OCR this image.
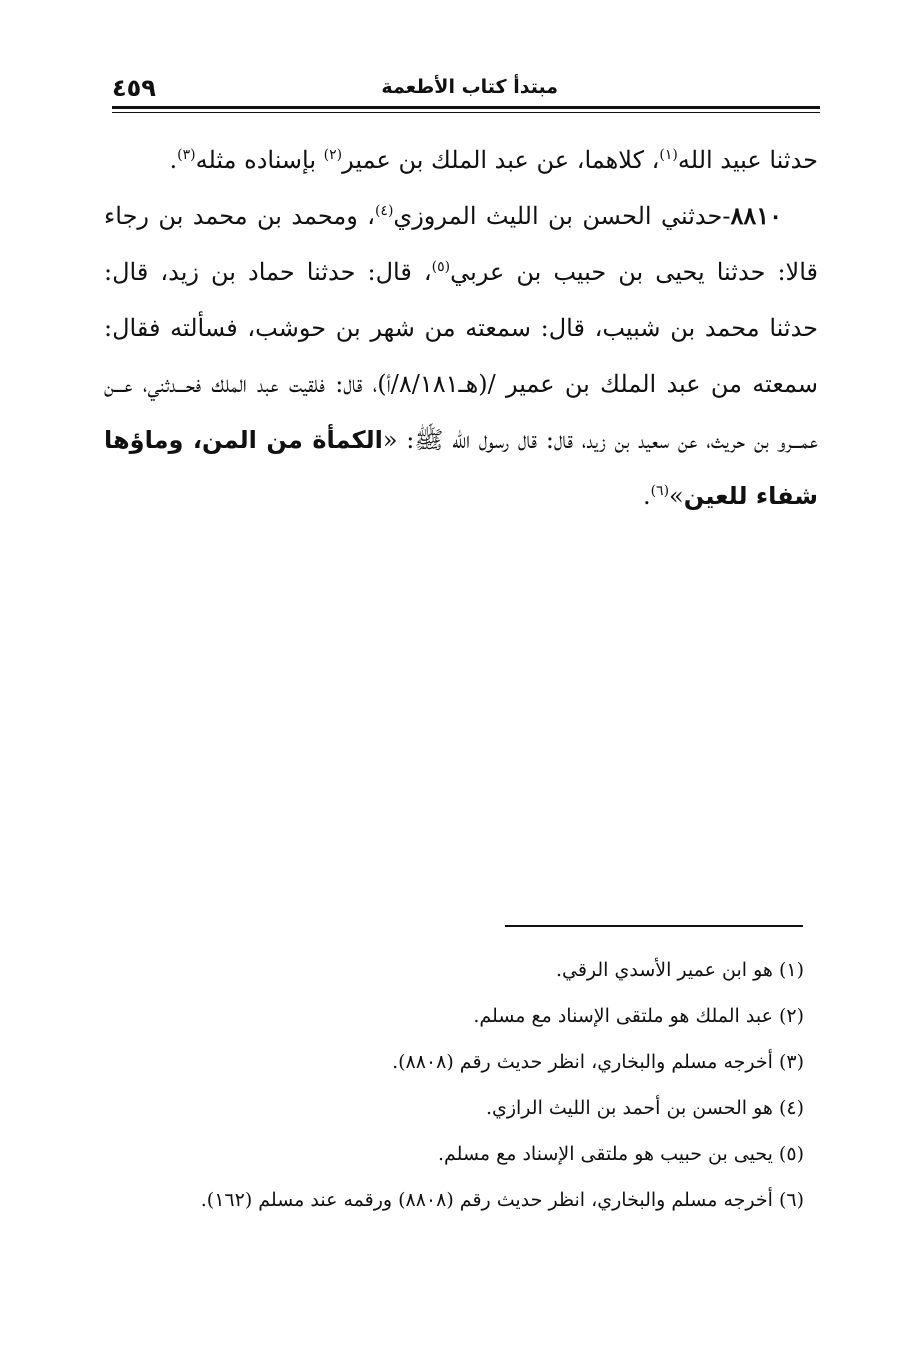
٤٥٩	مبتدأ كتاب الأطعمة

حدثنا عبيد الله$^{(١)}$، كلاهما، عن عبد الملك بن عمير$^{(٢)}$ بإسناده مثله$^{(٣)}$.

٨٨١٠-حدثني الحسن بن الليث المروزي$^{(٤)}$، ومحمد بن محمد بن رجاء قالا: حدثنا يحيى بن حبيب بن عربي$^{(٥)}$، قال: حدثنا حماد بن زيد، قال: حدثنا محمد بن شبيب، قال: سمعته من شهر بن حوشب، فسألته فقال: سمعته من عبد الملك بن عمير /(هـ٨/١٨١/أ)، قال: فلقيت عبد الملك فحـــدثني، عـــن عمـــرو بن حريث، عن سعيد بن زيد، قال: قال رسول الله ﷺ: «الكمأة من المن، وماؤها شفاء للعين»$^{(٦)}$.

(١) هو ابن عمير الأسدي الرقي.
(٢) عبد الملك هو ملتقى الإسناد مع مسلم.
(٣) أخرجه مسلم والبخاري، انظر حديث رقم (٨٨٠٨).
(٤) هو الحسن بن أحمد بن الليث الرازي.
(٥) يحيى بن حبيب هو ملتقى الإسناد مع مسلم.
(٦) أخرجه مسلم والبخاري، انظر حديث رقم (٨٨٠٨) ورقمه عند مسلم (١٦٢).
